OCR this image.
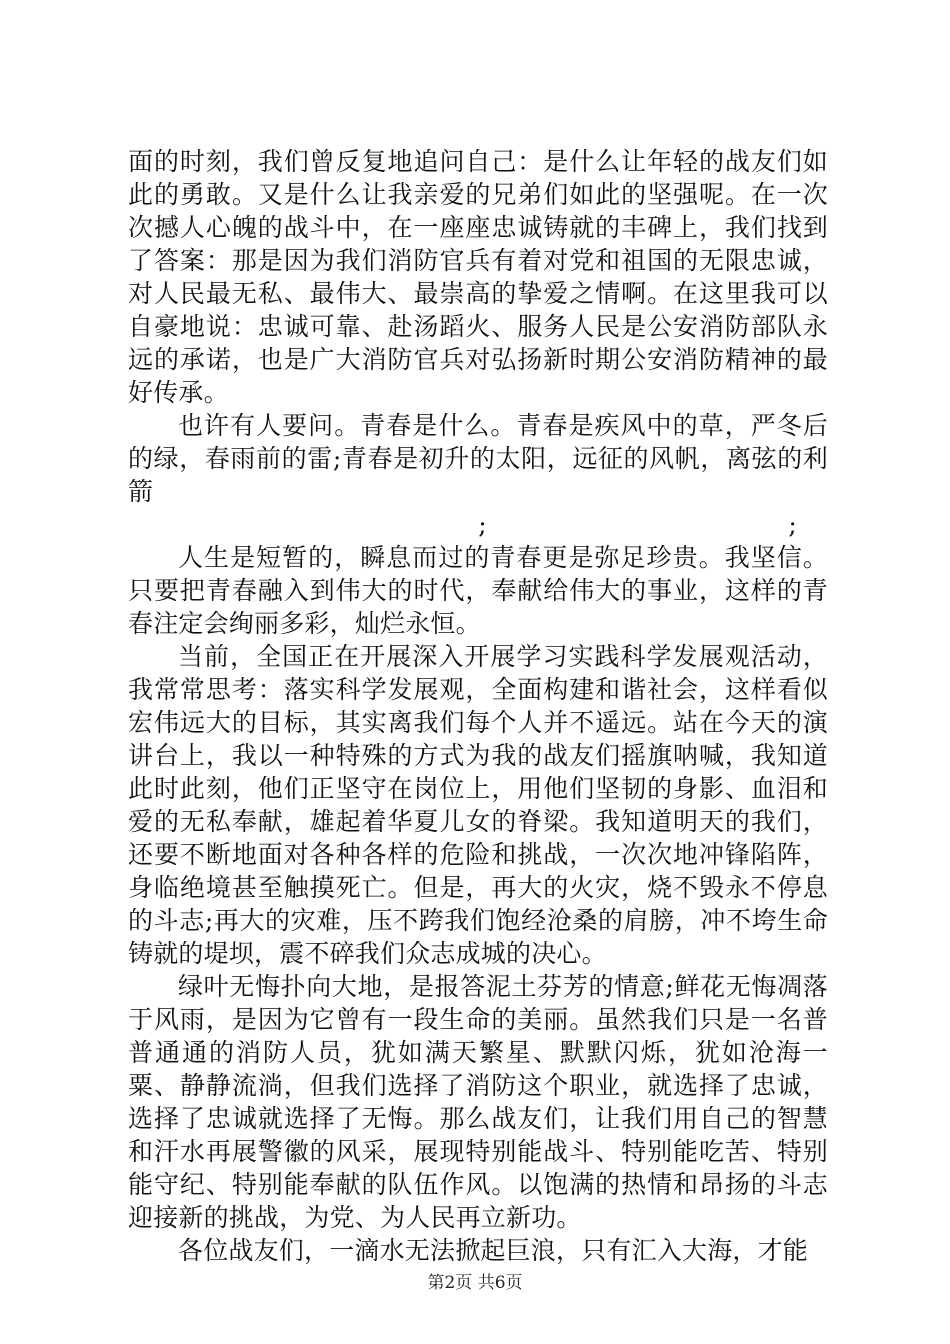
面的时刻，我们曾反复地追问自己：是什么让年轻的战友们如此的勇敢。又是什么让我亲爱的兄弟们如此的坚强呢。在一次次撼人心魄的战斗中，在一座座忠诚铸就的丰碑上，我们找到了答案：那是因为我们消防官兵有着对党和祖国的无限忠诚，对人民最无私、最伟大、最崇高的挚爱之情啊。在这里我可以自豪地说：忠诚可靠、赴汤蹈火、服务人民是公安消防部队永远的承诺，也是广大消防官兵对弘扬新时期公安消防精神的最好传承。

也许有人要问。青春是什么。青春是疾风中的草，严冬后的绿，春雨前的雷;青春是初升的太阳，远征的风帆，离弦的利箭

;                                     ;

人生是短暂的，瞬息而过的青春更是弥足珍贵。我坚信。只要把青春融入到伟大的时代，奉献给伟大的事业，这样的青春注定会绚丽多彩，灿烂永恒。

当前，全国正在开展深入开展学习实践科学发展观活动，我常常思考：落实科学发展观，全面构建和谐社会，这样看似宏伟远大的目标，其实离我们每个人并不遥远。站在今天的演讲台上，我以一种特殊的方式为我的战友们摇旗呐喊，我知道此时此刻，他们正坚守在岗位上，用他们坚韧的身影、血泪和爱的无私奉献，雄起着华夏儿女的脊梁。我知道明天的我们，还要不断地面对各种各样的危险和挑战，一次次地冲锋陷阵，身临绝境甚至触摸死亡。但是，再大的火灾，烧不毁永不停息的斗志;再大的灾难，压不跨我们饱经沧桑的肩膀，冲不垮生命铸就的堤坝，震不碎我们众志成城的决心。

绿叶无悔扑向大地，是报答泥土芬芳的情意;鲜花无悔凋落于风雨，是因为它曾有一段生命的美丽。虽然我们只是一名普普通通的消防人员，犹如满天繁星、默默闪烁，犹如沧海一粟、静静流淌，但我们选择了消防这个职业，就选择了忠诚，选择了忠诚就选择了无悔。那么战友们，让我们用自己的智慧和汗水再展警徽的风采，展现特别能战斗、特别能吃苦、特别能守纪、特别能奉献的队伍作风。以饱满的热情和昂扬的斗志迎接新的挑战，为党、为人民再立新功。

各位战友们，一滴水无法掀起巨浪，只有汇入大海，才能

第2页 共6页
